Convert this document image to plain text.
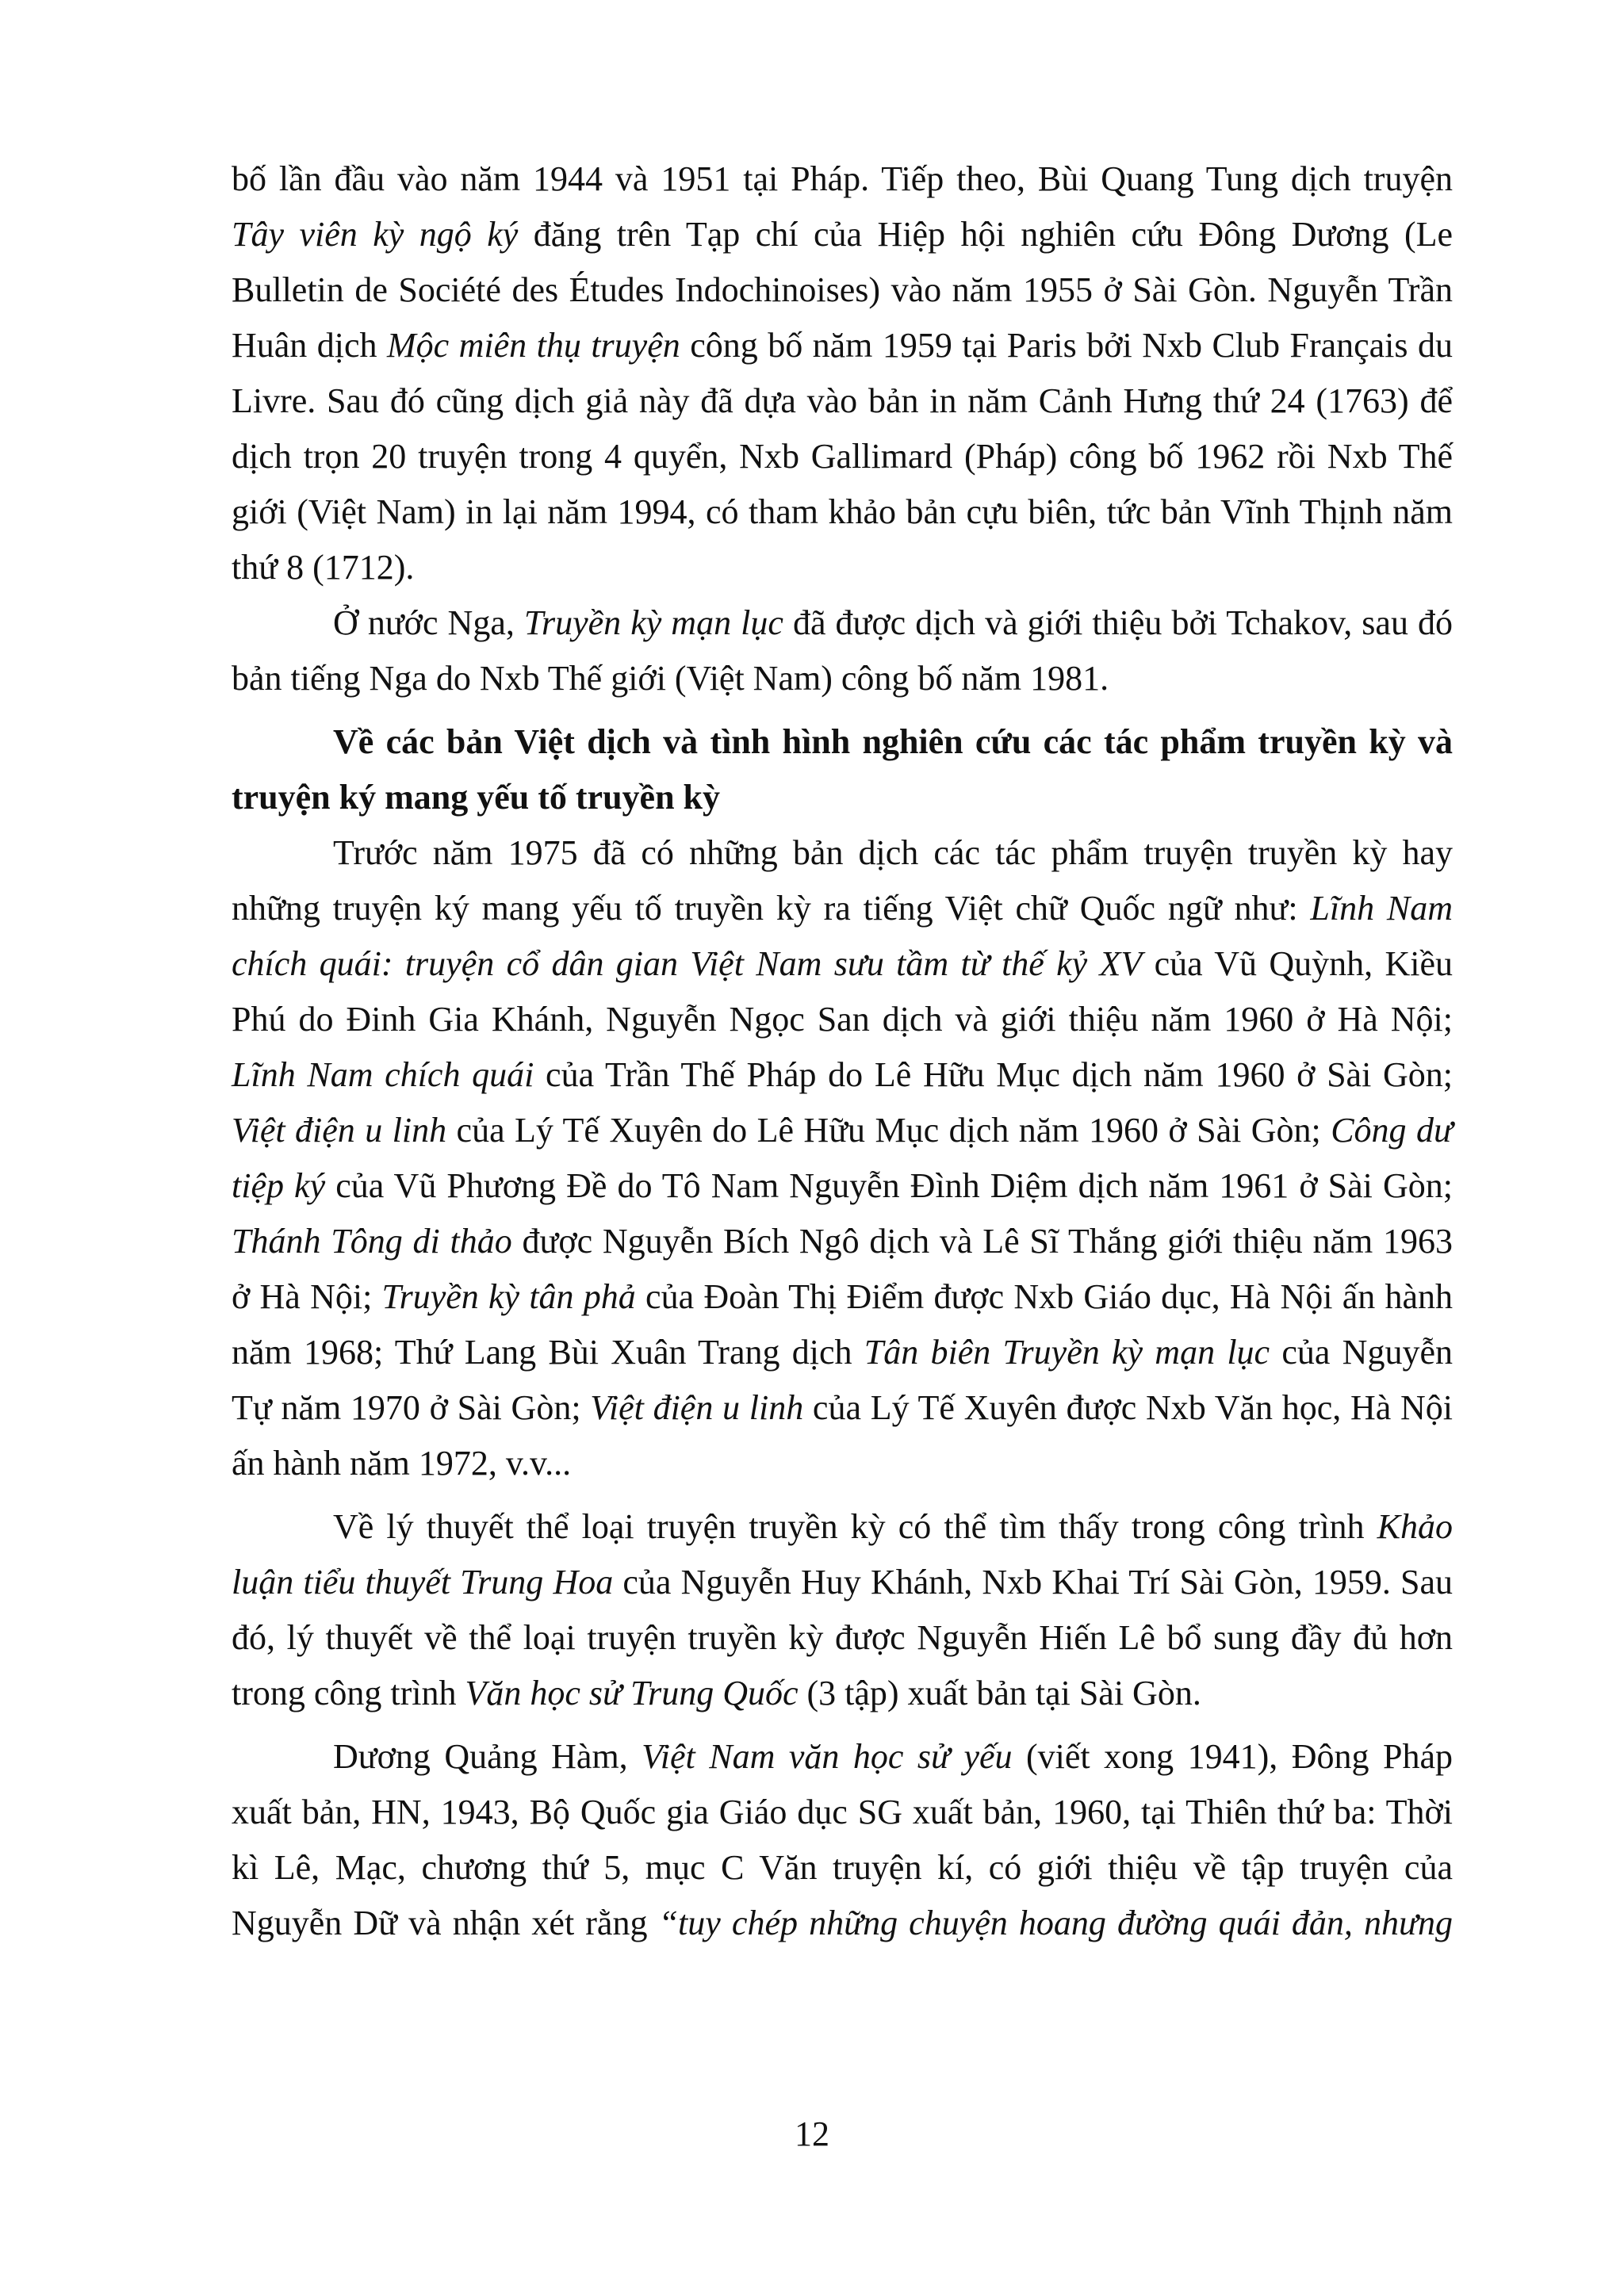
bố lần đầu vào năm 1944 và 1951 tại Pháp. Tiếp theo, Bùi Quang Tung dịch truyện
Tây viên kỳ ngộ ký đăng trên Tạp chí của Hiệp hội nghiên cứu Đông Dương (Le
Bulletin de Société des Études Indochinoises) vào năm 1955 ở Sài Gòn. Nguyễn Trần
Huân dịch Mộc miên thụ truyện công bố năm 1959 tại Paris bởi Nxb Club Français du
Livre. Sau đó cũng dịch giả này đã dựa vào bản in năm Cảnh Hưng thứ 24 (1763) để
dịch trọn 20 truyện trong 4 quyển, Nxb Gallimard (Pháp) công bố 1962 rồi Nxb Thế
giới (Việt Nam) in lại năm 1994, có tham khảo bản cựu biên, tức bản Vĩnh Thịnh năm
thứ 8 (1712).
Ở nước Nga, Truyền kỳ mạn lục đã được dịch và giới thiệu bởi Tchakov, sau đó
bản tiếng Nga do Nxb Thế giới (Việt Nam) công bố năm 1981.
Về các bản Việt dịch và tình hình nghiên cứu các tác phẩm truyền kỳ và
truyện ký mang yếu tố truyền kỳ
Trước năm 1975 đã có những bản dịch các tác phẩm truyện truyền kỳ hay
những truyện ký mang yếu tố truyền kỳ ra tiếng Việt chữ Quốc ngữ như: Lĩnh Nam
chích quái: truyện cổ dân gian Việt Nam sưu tầm từ thế kỷ XV của Vũ Quỳnh, Kiều
Phú do Đinh Gia Khánh, Nguyễn Ngọc San dịch và giới thiệu năm 1960 ở Hà Nội;
Lĩnh Nam chích quái của Trần Thế Pháp do Lê Hữu Mục dịch năm 1960 ở Sài Gòn;
Việt điện u linh của Lý Tế Xuyên do Lê Hữu Mục dịch năm 1960 ở Sài Gòn; Công dư
tiệp ký của Vũ Phương Đề do Tô Nam Nguyễn Đình Diệm dịch năm 1961 ở Sài Gòn;
Thánh Tông di thảo được Nguyễn Bích Ngô dịch và Lê Sĩ Thắng giới thiệu năm 1963
ở Hà Nội; Truyền kỳ tân phả của Đoàn Thị Điểm được Nxb Giáo dục, Hà Nội ấn hành
năm 1968; Thứ Lang Bùi Xuân Trang dịch Tân biên Truyền kỳ mạn lục của Nguyễn
Tự năm 1970 ở Sài Gòn; Việt điện u linh của Lý Tế Xuyên được Nxb Văn học, Hà Nội
ấn hành năm 1972, v.v...
Về lý thuyết thể loại truyện truyền kỳ có thể tìm thấy trong công trình Khảo
luận tiểu thuyết Trung Hoa của Nguyễn Huy Khánh, Nxb Khai Trí Sài Gòn, 1959. Sau
đó, lý thuyết về thể loại truyện truyền kỳ được Nguyễn Hiến Lê bổ sung đầy đủ hơn
trong công trình Văn học sử Trung Quốc (3 tập) xuất bản tại Sài Gòn.
Dương Quảng Hàm, Việt Nam văn học sử yếu (viết xong 1941), Đông Pháp
xuất bản, HN, 1943, Bộ Quốc gia Giáo dục SG xuất bản, 1960, tại Thiên thứ ba: Thời
kì Lê, Mạc, chương thứ 5, mục C Văn truyện kí, có giới thiệu về tập truyện của
Nguyễn Dữ và nhận xét rằng “tuy chép những chuyện hoang đường quái đản, nhưng
12
